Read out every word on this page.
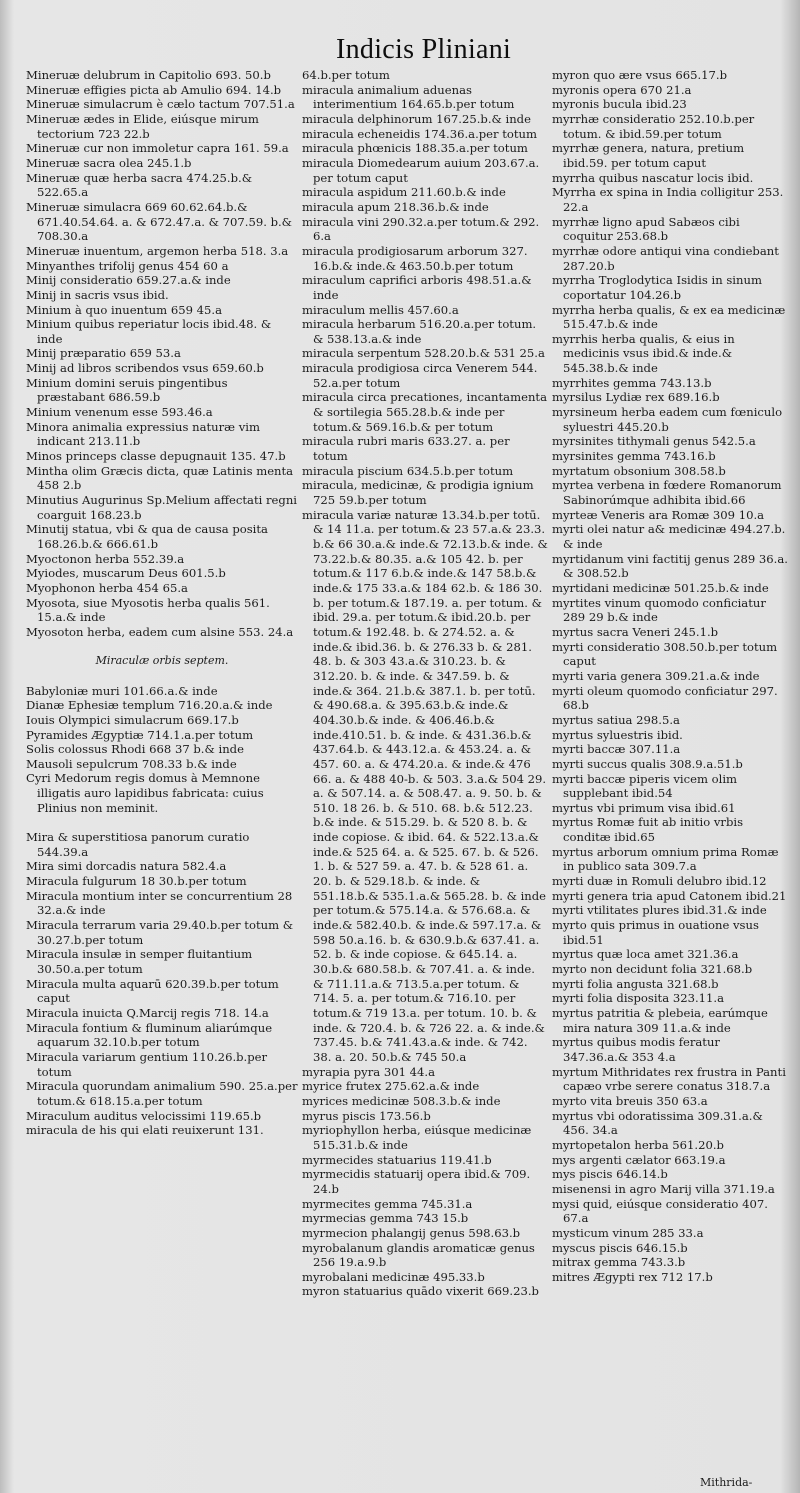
Indicis Pliniani
Mineruæ delubrum in Capitolio 693. 50.b
Mineruæ effigies picta ab Amulio 694. 14.b
Mineruæ simulacrum è cælo tactum 707.51.a
Mineruæ ædes in Elide, eiúsque mirum tectorium 723 22.b
Mineruæ cur non immoletur capra 161. 59.a
Mineruæ sacra olea 245.1.b
Mineruæ quæ herba sacra 474.25.b.& 522.65.a
Mineruæ simulacra 669 60.62.64.b.& 671.40.54.64. a. & 672.47.a. & 707.59. b.& 708.30.a
Mineruæ inuentum, argemon herba 518. 3.a
Minyanthes trifolij genus 454 60 a
Minij consideratio 659.27.a.& inde
Minij in sacris vsus ibid.
Minium à quo inuentum 659 45.a
Minium quibus reperiatur locis ibid.48. & inde
Minij præparatio 659 53.a
Minij ad libros scribendos vsus 659.60.b
Minium domini seruis pingentibus præstabant 686.59.b
Minium venenum esse 593.46.a
Minora animalia expressius naturæ vim indicant 213.11.b
Minos princeps classe depugnauit 135. 47.b
Mintha olim Græcis dicta, quæ Latinis menta 458 2.b
Minutius Augurinus Sp.Melium affectati regni coarguit 168.23.b
Minutij statua, vbi & qua de causa posita 168.26.b.& 666.61.b
Myoctonon herba 552.39.a
Myiodes, muscarum Deus 601.5.b
Myophonon herba 454 65.a
Myosota, siue Myosotis herba qualis 561. 15.a.& inde
Myosoton herba, eadem cum alsine 553. 24.a
Miraculæ orbis septem.
Babyloniæ muri 101.66.a.& inde
Dianæ Ephesiæ templum 716.20.a.& inde
Iouis Olympici simulacrum 669.17.b
Pyramides Ægyptiæ 714.1.a.per totum
Solis colossus Rhodi 668 37 b.& inde
Mausoli sepulcrum 708.33 b.& inde
Cyri Medorum regis domus à Memnone illigatis auro lapidibus fabricata: cuius Plinius non meminit.
Mira & superstitiosa panorum curatio 544.39.a
Mira simi dorcadis natura 582.4.a
Miracula fulgurum 18 30.b.per totum
Miracula montium inter se concurrentium 28 32.a.& inde
Miracula terrarum varia 29.40.b.per totum & 30.27.b.per totum
Miracula insulæ in semper fluitantium 30.50.a.per totum
Miracula multa aquarū 620.39.b.per totum caput
Miracula inuicta Q.Marcij regis 718. 14.a
Miracula fontium & fluminum aliarúmque aquarum 32.10.b.per totum
Miracula variarum gentium 110.26.b.per totum
Miracula quorundam animalium 590. 25.a.per totum.& 618.15.a.per totum
Miraculum auditus velocissimi 119.65.b
miracula de his qui elati reuixerunt 131.
64.b.per totum
miracula animalium aduenas interimentium 164.65.b.per totum
miracula delphinorum 167.25.b.& inde
miracula echeneidis 174.36.a.per totum
miracula phœnicis 188.35.a.per totum
miracula Diomedearum auium 203.67.a. per totum caput
miracula aspidum 211.60.b.& inde
miracula apum 218.36.b.& inde
miracula vini 290.32.a.per totum.& 292. 6.a
miracula prodigiosarum arborum 327. 16.b.& inde.& 463.50.b.per totum
miraculum caprifici arboris 498.51.a.& inde
miraculum mellis 457.60.a
miracula herbarum 516.20.a.per totum. & 538.13.a.& inde
miracula serpentum 528.20.b.& 531 25.a
miracula prodigiosa circa Venerem 544. 52.a.per totum
miracula circa precationes, incantamenta & sortilegia 565.28.b.& inde per totum.& 569.16.b.& per totum
miracula rubri maris 633.27. a. per totum
miracula piscium 634.5.b.per totum
miracula, medicinæ, & prodigia ignium 725 59.b.per totum
miracula variæ naturæ 13.34.b.per totū. & 14 11.a. per totum.& 23 57.a.& 23.3. b.& 66 30.a.& inde.& 72.13.b.& inde. & 73.22.b.& 80.35. a.& 105 42. b. per totum.& 117 6.b.& inde.& 147 58.b.& inde.& 175 33.a.& 184 62.b. & 186 30. b. per totum.& 187.19. a. per totum. & ibid. 29.a. per totum.& ibid.20.b. per totum.& 192.48. b. & 274.52. a. & inde.& ibid.36. b. & 276.33 b. & 281. 48. b. & 303 43.a.& 310.23. b. & 312.20. b. & inde. & 347.59. b. & inde.& 364. 21.b.& 387.1. b. per totū. & 490.68.a. & 395.63.b.& inde.& 404.30.b.& inde. & 406.46.b.& inde.410.51. b. & inde. & 431.36.b.& 437.64.b. & 443.12.a. & 453.24. a. & 457. 60. a. & 474.20.a. & inde.& 476 66. a. & 488 40-b. & 503. 3.a.& 504 29. a. & 507.14. a. & 508.47. a. 9. 50. b. & 510. 18 26. b. & 510. 68. b.& 512.23. b.& inde. & 515.29. b. & 520 8. b. & inde copiose. & ibid. 64. & 522.13.a.& inde.& 525 64. a. & 525. 67. b. & 526. 1. b. & 527 59. a. 47. b. & 528 61. a. 20. b. & 529.18.b. & inde. & 551.18.b.& 535.1.a.& 565.28. b. & inde per totum.& 575.14.a. & 576.68.a. & inde.& 582.40.b. & inde.& 597.17.a. & 598 50.a.16. b. & 630.9.b.& 637.41. a. 52. b. & inde copiose. & 645.14. a. 30.b.& 680.58.b. & 707.41. a. & inde. & 711.11.a.& 713.5.a.per totum. & 714. 5. a. per totum.& 716.10. per totum.& 719 13.a. per totum. 10. b. & inde. & 720.4. b. & 726 22. a. & inde.& 737.45. b.& 741.43.a.& inde. & 742. 38. a. 20. 50.b.& 745 50.a
myrapia pyra 301 44.a
myrice frutex 275.62.a.& inde
myrices medicinæ 508.3.b.& inde
myrus piscis 173.56.b
myriophyllon herba, eiúsque medicinæ 515.31.b.& inde
myrmecides statuarius 119.41.b
myrmecidis statuarij opera ibid.& 709. 24.b
myrmecites gemma 745.31.a
myrmecias gemma 743 15.b
myrmecion phalangij genus 598.63.b
myrobalanum glandis aromaticæ genus 256 19.a.9.b
myrobalani medicinæ 495.33.b
myron statuarius quādo vixerit 669.23.b
myron quo ære vsus 665.17.b
myronis opera 670 21.a
myronis bucula ibid.23
myrrhæ consideratio 252.10.b.per totum. & ibid.59.per totum
myrrhæ genera, natura, pretium ibid.59. per totum caput
myrrha quibus nascatur locis ibid.
Myrrha ex spina in India colligitur 253. 22.a
myrrhæ ligno apud Sabæos cibi coquitur 253.68.b
myrrhæ odore antiqui vina condiebant 287.20.b
myrrha Troglodytica Isidis in sinum coportatur 104.26.b
myrrha herba qualis, & ex ea medicinæ 515.47.b.& inde
myrrhis herba qualis, & eius in medicinis vsus ibid.& inde.& 545.38.b.& inde
myrrhites gemma 743.13.b
myrsilus Lydiæ rex 689.16.b
myrsineum herba eadem cum fœniculo syluestri 445.20.b
myrsinites tithymali genus 542.5.a
myrsinites gemma 743.16.b
myrtatum obsonium 308.58.b
myrtea verbena in fœdere Romanorum Sabinorúmque adhibita ibid.66
myrteæ Veneris ara Romæ 309 10.a
myrti olei natur a& medicinæ 494.27.b. & inde
myrtidanum vini factitij genus 289 36.a. & 308.52.b
myrtidani medicinæ 501.25.b.& inde
myrtites vinum quomodo conficiatur 289 29 b.& inde
myrtus sacra Veneri 245.1.b
myrti consideratio 308.50.b.per totum caput
myrti varia genera 309.21.a.& inde
myrti oleum quomodo conficiatur 297. 68.b
myrtus satiua 298.5.a
myrtus syluestris ibid.
myrti baccæ 307.11.a
myrti succus qualis 308.9.a.51.b
myrti baccæ piperis vicem olim supplebant ibid.54
myrtus vbi primum visa ibid.61
myrtus Romæ fuit ab initio vrbis conditæ ibid.65
myrtus arborum omnium prima Romæ in publico sata 309.7.a
myrti duæ in Romuli delubro ibid.12
myrti genera tria apud Catonem ibid.21
myrti vtilitates plures ibid.31.& inde
myrto quis primus in ouatione vsus ibid.51
myrtus quæ loca amet 321.36.a
myrto non decidunt folia 321.68.b
myrti folia angusta 321.68.b
myrti folia disposita 323.11.a
myrtus patritia & plebeia, earúmque mira natura 309 11.a.& inde
myrtus quibus modis feratur 347.36.a.& 353 4.a
myrtum Mithridates rex frustra in Panti capæo vrbe serere conatus 318.7.a
myrto vita breuis 350 63.a
myrtus vbi odoratissima 309.31.a.& 456. 34.a
myrtopetalon herba 561.20.b
mys argenti cælator 663.19.a
mys piscis 646.14.b
misenensi in agro Marij villa 371.19.a
mysi quid, eiúsque consideratio 407. 67.a
mysticum vinum 285 33.a
myscus piscis 646.15.b
mitrax gemma 743.3.b
mitres Ægypti rex 712 17.b
Mithrida-
